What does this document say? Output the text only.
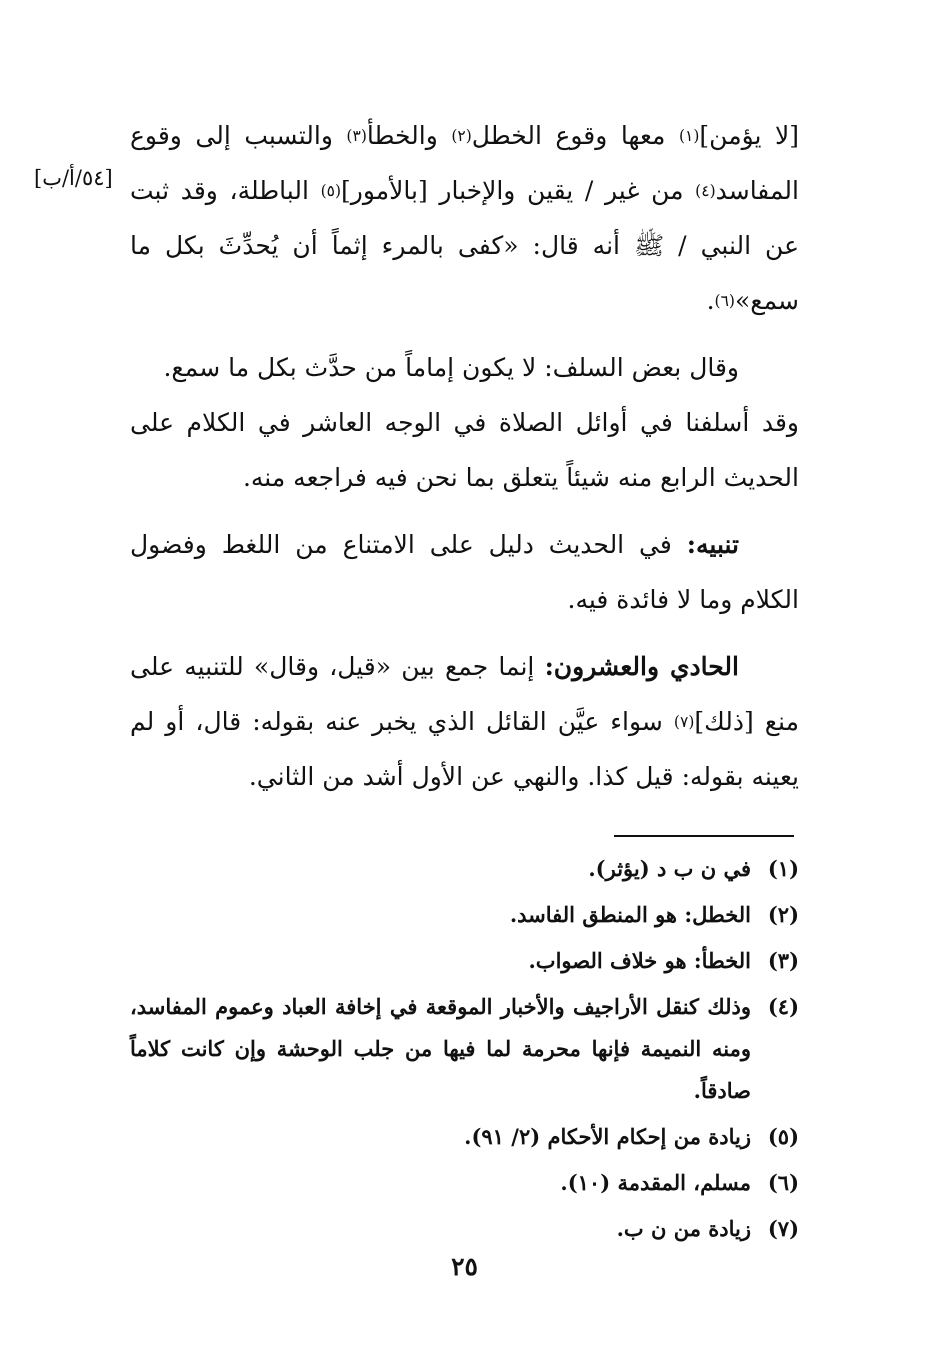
[٥٤/أ/ب]

[لا يؤمن]$^{(١)}$ معها وقوع الخطل$^{(٢)}$ والخطأ$^{(٣)}$ والتسبب إلى وقوع المفاسد$^{(٤)}$ من غير / يقين والإخبار [بالأمور]$^{(٥)}$ الباطلة، وقد ثبت عن النبي / ﷺ أنه قال: «كفى بالمرء إثماً أن يُحدِّثَ بكل ما سمع»$^{(٦)}$.

وقال بعض السلف: لا يكون إماماً من حدَّث بكل ما سمع.

وقد أسلفنا في أوائل الصلاة في الوجه العاشر في الكلام على الحديث الرابع منه شيئاً يتعلق بما نحن فيه فراجعه منه.

تنبيه: في الحديث دليل على الامتناع من اللغط وفضول الكلام وما لا فائدة فيه.

الحادي والعشرون: إنما جمع بين «قيل، وقال» للتنبيه على منع [ذلك]$^{(٧)}$ سواء عيَّن القائل الذي يخبر عنه بقوله: قال، أو لم يعينه بقوله: قيل كذا. والنهي عن الأول أشد من الثاني.

(١)
في ن ب د (يؤثر).
(٢)
الخطل: هو المنطق الفاسد.
(٣)
الخطأ: هو خلاف الصواب.
(٤)
وذلك كنقل الأراجيف والأخبار الموقعة في إخافة العباد وعموم المفاسد، ومنه النميمة فإنها محرمة لما فيها من جلب الوحشة وإن كانت كلاماً صادقاً.
(٥)
زيادة من إحكام الأحكام (٢/ ٩١).
(٦)
مسلم، المقدمة (١٠).
(٧)
زيادة من ن ب.
٢٥
